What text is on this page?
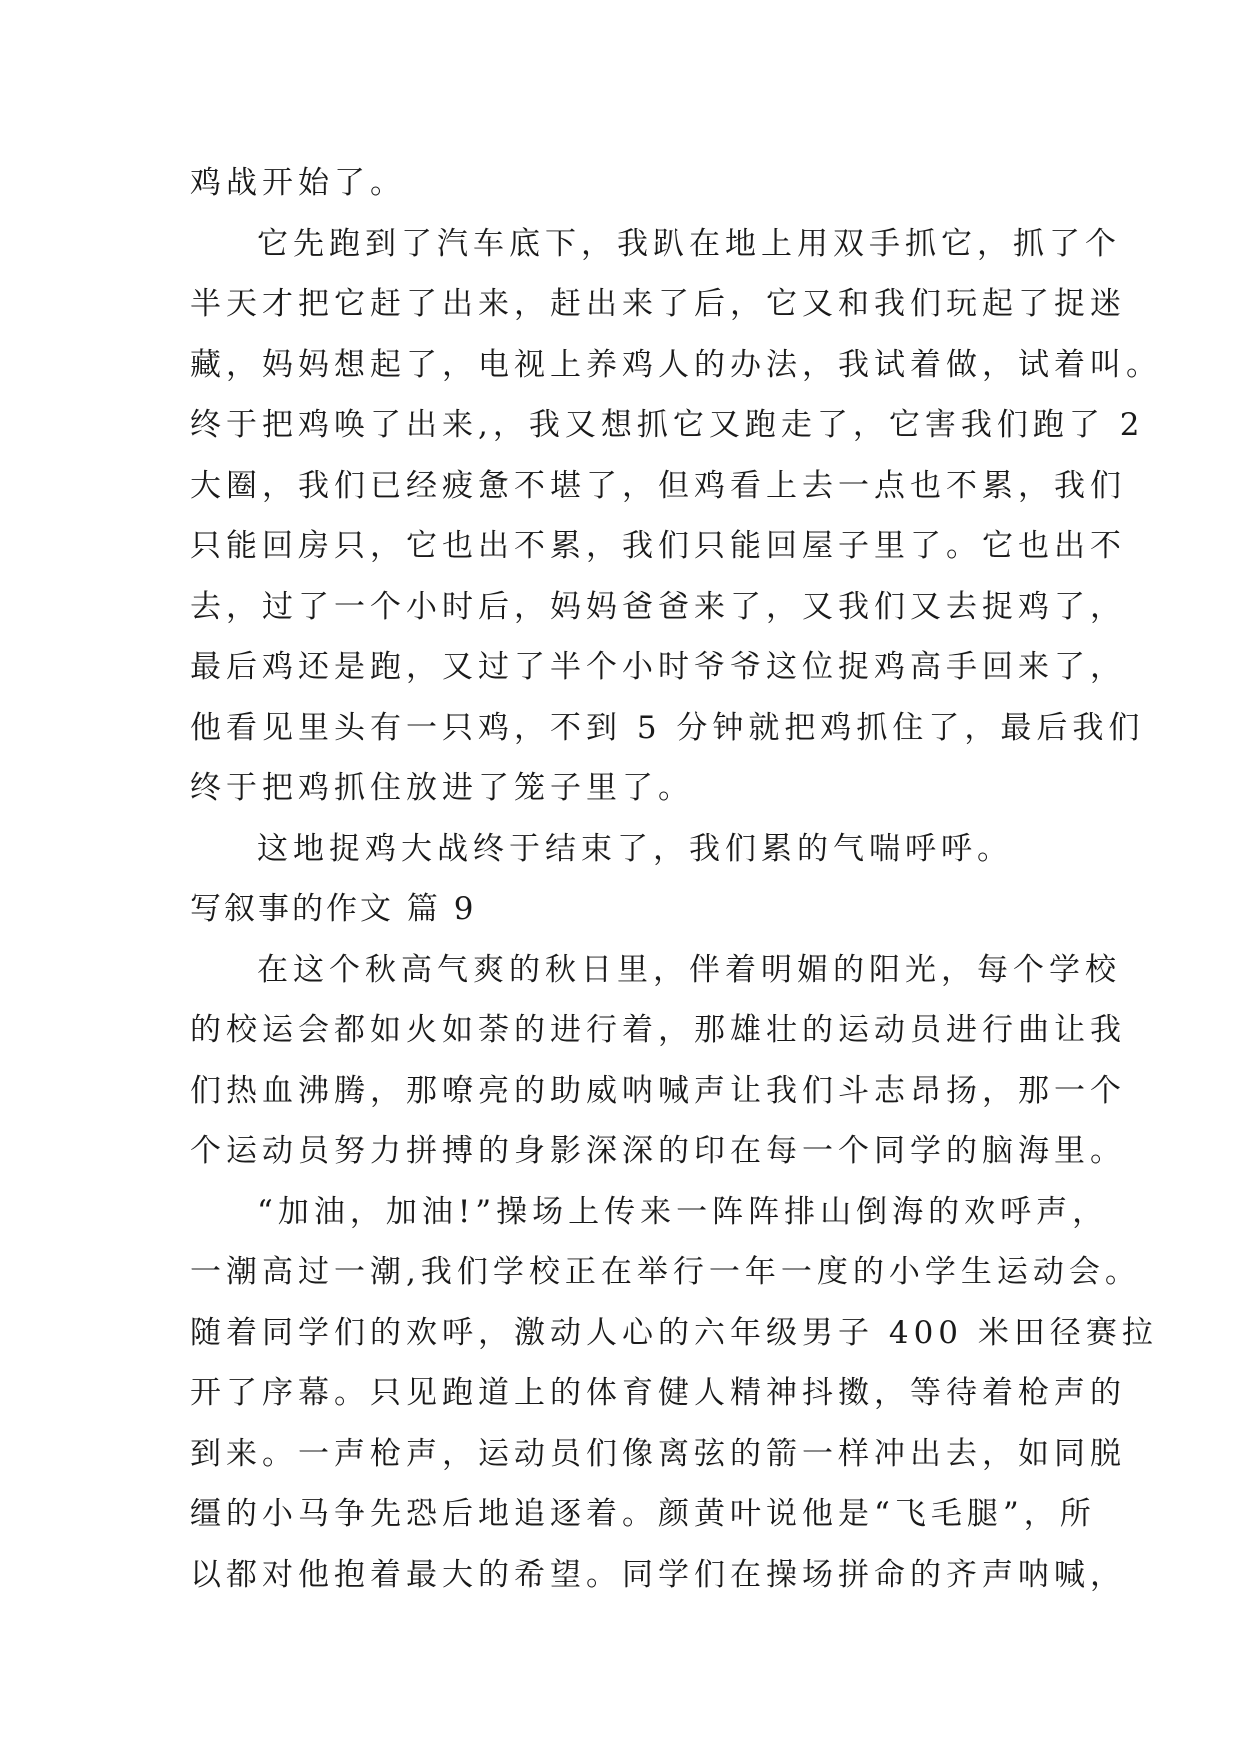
鸡战开始了。
它先跑到了汽车底下，我趴在地上用双手抓它，抓了个
半天才把它赶了出来，赶出来了后，它又和我们玩起了捉迷
藏，妈妈想起了，电视上养鸡人的办法，我试着做，试着叫。
终于把鸡唤了出来,，我又想抓它又跑走了，它害我们跑了 2
大圈，我们已经疲惫不堪了，但鸡看上去一点也不累，我们
只能回房只，它也出不累，我们只能回屋子里了。它也出不
去，过了一个小时后，妈妈爸爸来了，又我们又去捉鸡了，
最后鸡还是跑，又过了半个小时爷爷这位捉鸡高手回来了，
他看见里头有一只鸡，不到 5 分钟就把鸡抓住了，最后我们
终于把鸡抓住放进了笼子里了。
这地捉鸡大战终于结束了，我们累的气喘呼呼。
写叙事的作文 篇 9
在这个秋高气爽的秋日里，伴着明媚的阳光，每个学校
的校运会都如火如荼的进行着，那雄壮的运动员进行曲让我
们热血沸腾，那嘹亮的助威呐喊声让我们斗志昂扬，那一个
个运动员努力拼搏的身影深深的印在每一个同学的脑海里。
“加油，加油!”操场上传来一阵阵排山倒海的欢呼声，
一潮高过一潮,我们学校正在举行一年一度的小学生运动会。
随着同学们的欢呼，激动人心的六年级男子 400 米田径赛拉
开了序幕。只见跑道上的体育健人精神抖擞，等待着枪声的
到来。一声枪声，运动员们像离弦的箭一样冲出去，如同脱
缰的小马争先恐后地追逐着。颜黄叶说他是“飞毛腿”，所
以都对他抱着最大的希望。同学们在操场拼命的齐声呐喊，
